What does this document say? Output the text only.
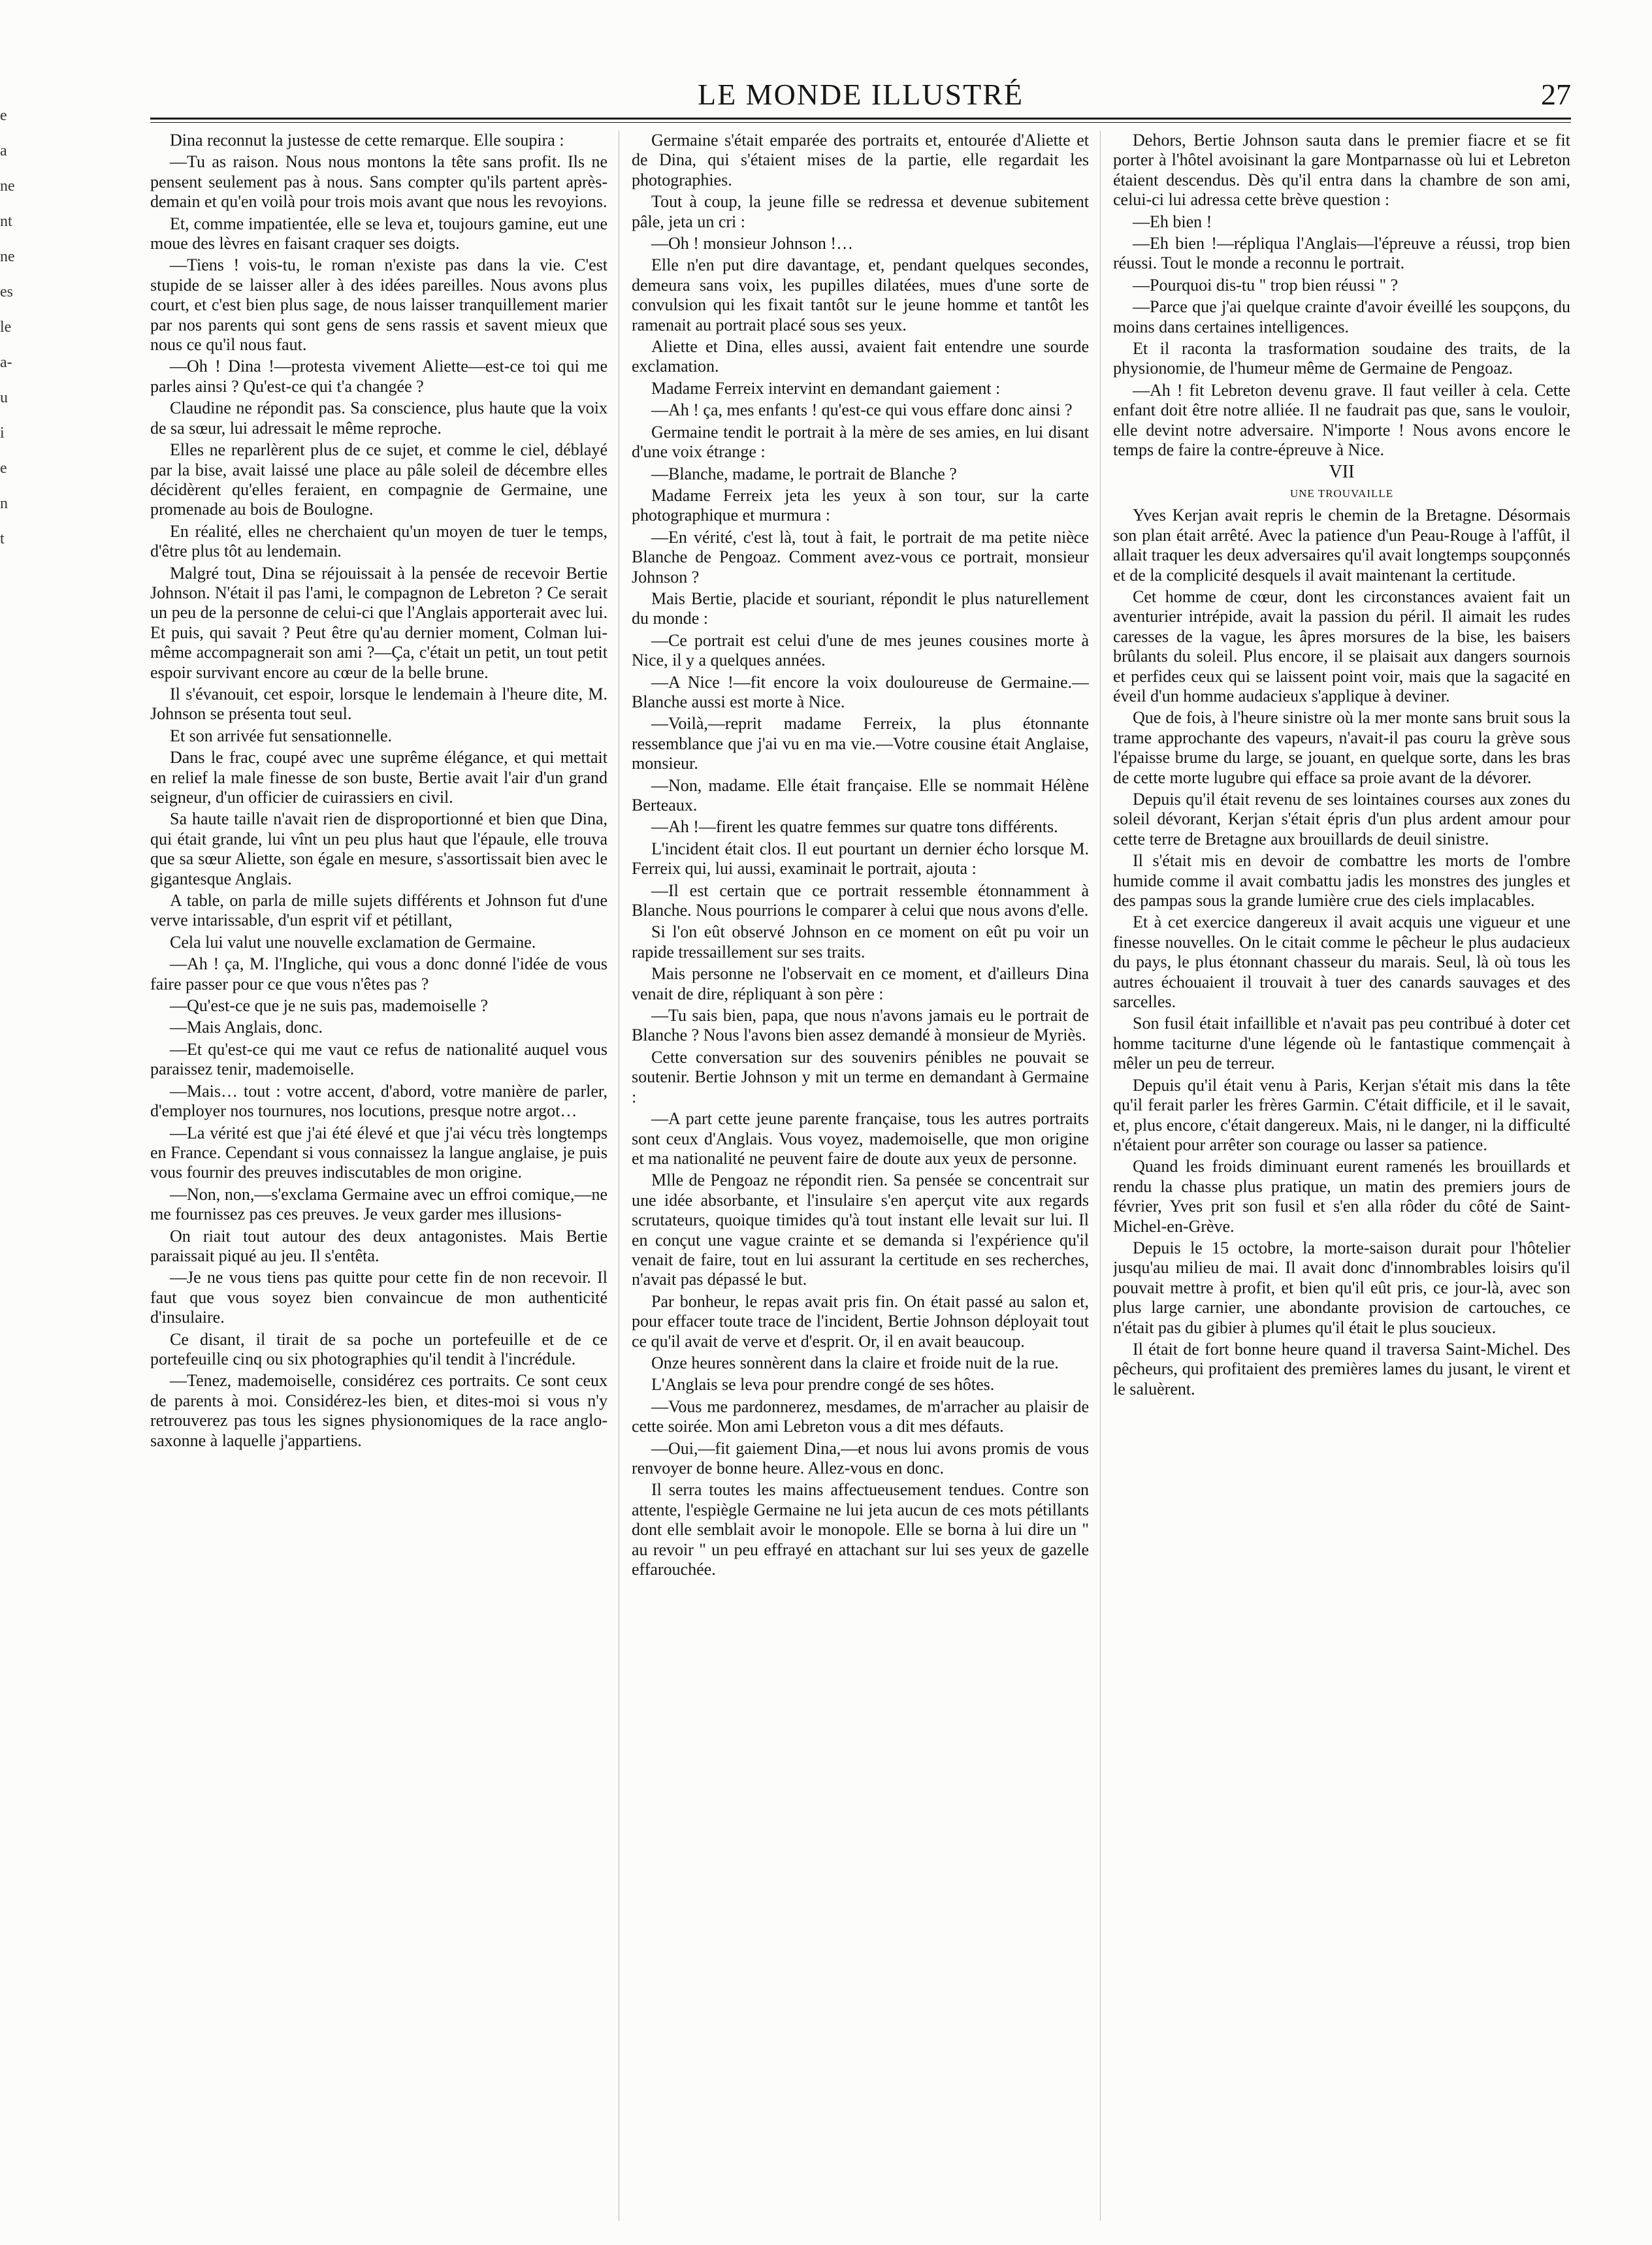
LE MONDE ILLUSTRÉ	27
e
a
ne
nt
ne
es
le
a-
u
i
e
n
t

Dina reconnut la justesse de cette remarque. Elle soupira :

—Tu as raison. Nous nous montons la tête sans profit. Ils ne pensent seulement pas à nous. Sans compter qu'ils partent après-demain et qu'en voilà pour trois mois avant que nous les revoyions.

Et, comme impatientée, elle se leva et, toujours gamine, eut une moue des lèvres en faisant craquer ses doigts.

—Tiens ! vois-tu, le roman n'existe pas dans la vie. C'est stupide de se laisser aller à des idées pareilles. Nous avons plus court, et c'est bien plus sage, de nous laisser tranquillement marier par nos parents qui sont gens de sens rassis et savent mieux que nous ce qu'il nous faut.

—Oh ! Dina !—protesta vivement Aliette—est-ce toi qui me parles ainsi ? Qu'est-ce qui t'a changée ?

Claudine ne répondit pas. Sa conscience, plus haute que la voix de sa sœur, lui adressait le même reproche.

Elles ne reparlèrent plus de ce sujet, et comme le ciel, déblayé par la bise, avait laissé une place au pâle soleil de décembre elles décidèrent qu'elles feraient, en compagnie de Germaine, une promenade au bois de Boulogne.

En réalité, elles ne cherchaient qu'un moyen de tuer le temps, d'être plus tôt au lendemain.

Malgré tout, Dina se réjouissait à la pensée de recevoir Bertie Johnson. N'était il pas l'ami, le compagnon de Lebreton ? Ce serait un peu de la personne de celui-ci que l'Anglais apporterait avec lui. Et puis, qui savait ? Peut être qu'au dernier moment, Colman lui-même accompagnerait son ami ?—Ça, c'était un petit, un tout petit espoir survivant encore au cœur de la belle brune.

Il s'évanouit, cet espoir, lorsque le lendemain à l'heure dite, M. Johnson se présenta tout seul.

Et son arrivée fut sensationnelle.

Dans le frac, coupé avec une suprême élégance, et qui mettait en relief la male finesse de son buste, Bertie avait l'air d'un grand seigneur, d'un officier de cuirassiers en civil.

Sa haute taille n'avait rien de disproportionné et bien que Dina, qui était grande, lui vînt un peu plus haut que l'épaule, elle trouva que sa sœur Aliette, son égale en mesure, s'assortissait bien avec le gigantesque Anglais.

A table, on parla de mille sujets différents et Johnson fut d'une verve intarissable, d'un esprit vif et pétillant,

Cela lui valut une nouvelle exclamation de Germaine.

—Ah ! ça, M. l'Ingliche, qui vous a donc donné l'idée de vous faire passer pour ce que vous n'êtes pas ?

—Qu'est-ce que je ne suis pas, mademoiselle ?

—Mais Anglais, donc.

—Et qu'est-ce qui me vaut ce refus de nationalité auquel vous paraissez tenir, mademoiselle.

—Mais… tout : votre accent, d'abord, votre manière de parler, d'employer nos tournures, nos locutions, presque notre argot…

—La vérité est que j'ai été élevé et que j'ai vécu très longtemps en France. Cependant si vous connaissez la langue anglaise, je puis vous fournir des preuves indiscutables de mon origine.

—Non, non,—s'exclama Germaine avec un effroi comique,—ne me fournissez pas ces preuves. Je veux garder mes illusions-

On riait tout autour des deux antagonistes. Mais Bertie paraissait piqué au jeu. Il s'entêta.

—Je ne vous tiens pas quitte pour cette fin de non recevoir. Il faut que vous soyez bien convaincue de mon authenticité d'insulaire.

Ce disant, il tirait de sa poche un portefeuille et de ce portefeuille cinq ou six photographies qu'il tendit à l'incrédule.

—Tenez, mademoiselle, considérez ces portraits. Ce sont ceux de parents à moi. Considérez-les bien, et dites-moi si vous n'y retrouverez pas tous les signes physionomiques de la race anglo-saxonne à laquelle j'appartiens.

Germaine s'était emparée des portraits et, entourée d'Aliette et de Dina, qui s'étaient mises de la partie, elle regardait les photographies.

Tout à coup, la jeune fille se redressa et devenue subitement pâle, jeta un cri :

—Oh ! monsieur Johnson !…

Elle n'en put dire davantage, et, pendant quelques secondes, demeura sans voix, les pupilles dilatées, mues d'une sorte de convulsion qui les fixait tantôt sur le jeune homme et tantôt les ramenait au portrait placé sous ses yeux.

Aliette et Dina, elles aussi, avaient fait entendre une sourde exclamation.

Madame Ferreix intervint en demandant gaiement :

—Ah ! ça, mes enfants ! qu'est-ce qui vous effare donc ainsi ?

Germaine tendit le portrait à la mère de ses amies, en lui disant d'une voix étrange :

—Blanche, madame, le portrait de Blanche ?

Madame Ferreix jeta les yeux à son tour, sur la carte photographique et murmura :

—En vérité, c'est là, tout à fait, le portrait de ma petite nièce Blanche de Pengoaz. Comment avez-vous ce portrait, monsieur Johnson ?

Mais Bertie, placide et souriant, répondit le plus naturellement du monde :

—Ce portrait est celui d'une de mes jeunes cousines morte à Nice, il y a quelques années.

—A Nice !—fit encore la voix douloureuse de Germaine.—Blanche aussi est morte à Nice.

—Voilà,—reprit madame Ferreix, la plus étonnante ressemblance que j'ai vu en ma vie.—Votre cousine était Anglaise, monsieur.

—Non, madame. Elle était française. Elle se nommait Hélène Berteaux.

—Ah !—firent les quatre femmes sur quatre tons différents.

L'incident était clos. Il eut pourtant un dernier écho lorsque M. Ferreix qui, lui aussi, examinait le portrait, ajouta :

—Il est certain que ce portrait ressemble étonnamment à Blanche. Nous pourrions le comparer à celui que nous avons d'elle.

Si l'on eût observé Johnson en ce moment on eût pu voir un rapide tressaillement sur ses traits.

Mais personne ne l'observait en ce moment, et d'ailleurs Dina venait de dire, répliquant à son père :

—Tu sais bien, papa, que nous n'avons jamais eu le portrait de Blanche ? Nous l'avons bien assez demandé à monsieur de Myriès.

Cette conversation sur des souvenirs pénibles ne pouvait se soutenir. Bertie Johnson y mit un terme en demandant à Germaine :

—A part cette jeune parente française, tous les autres portraits sont ceux d'Anglais. Vous voyez, mademoiselle, que mon origine et ma nationalité ne peuvent faire de doute aux yeux de personne.

Mlle de Pengoaz ne répondit rien. Sa pensée se concentrait sur une idée absorbante, et l'insulaire s'en aperçut vite aux regards scrutateurs, quoique timides qu'à tout instant elle levait sur lui. Il en conçut une vague crainte et se demanda si l'expérience qu'il venait de faire, tout en lui assurant la certitude en ses recherches, n'avait pas dépassé le but.

Par bonheur, le repas avait pris fin. On était passé au salon et, pour effacer toute trace de l'incident, Bertie Johnson déployait tout ce qu'il avait de verve et d'esprit. Or, il en avait beaucoup.

Onze heures sonnèrent dans la claire et froide nuit de la rue.

L'Anglais se leva pour prendre congé de ses hôtes.

—Vous me pardonnerez, mesdames, de m'arracher au plaisir de cette soirée. Mon ami Lebreton vous a dit mes défauts.

—Oui,—fit gaiement Dina,—et nous lui avons promis de vous renvoyer de bonne heure. Allez-vous en donc.

Il serra toutes les mains affectueusement tendues. Contre son attente, l'espiègle Germaine ne lui jeta aucun de ces mots pétillants dont elle semblait avoir le monopole. Elle se borna à lui dire un " au revoir " un peu effrayé en attachant sur lui ses yeux de gazelle effarouchée.

Dehors, Bertie Johnson sauta dans le premier fiacre et se fit porter à l'hôtel avoisinant la gare Montparnasse où lui et Lebreton étaient descendus. Dès qu'il entra dans la chambre de son ami, celui-ci lui adressa cette brève question :

—Eh bien !

—Eh bien !—répliqua l'Anglais—l'épreuve a réussi, trop bien réussi. Tout le monde a reconnu le portrait.

—Pourquoi dis-tu " trop bien réussi " ?

—Parce que j'ai quelque crainte d'avoir éveillé les soupçons, du moins dans certaines intelligences.

Et il raconta la trasformation soudaine des traits, de la physionomie, de l'humeur même de Germaine de Pengoaz.

—Ah ! fit Lebreton devenu grave. Il faut veiller à cela. Cette enfant doit être notre alliée. Il ne faudrait pas que, sans le vouloir, elle devint notre adversaire. N'importe ! Nous avons encore le temps de faire la contre-épreuve à Nice.

VII

UNE TROUVAILLE

Yves Kerjan avait repris le chemin de la Bretagne. Désormais son plan était arrêté. Avec la patience d'un Peau-Rouge à l'affût, il allait traquer les deux adversaires qu'il avait longtemps soupçonnés et de la complicité desquels il avait maintenant la certitude.

Cet homme de cœur, dont les circonstances avaient fait un aventurier intrépide, avait la passion du péril. Il aimait les rudes caresses de la vague, les âpres morsures de la bise, les baisers brûlants du soleil. Plus encore, il se plaisait aux dangers sournois et perfides ceux qui se laissent point voir, mais que la sagacité en éveil d'un homme audacieux s'applique à deviner.

Que de fois, à l'heure sinistre où la mer monte sans bruit sous la trame approchante des vapeurs, n'avait-il pas couru la grève sous l'épaisse brume du large, se jouant, en quelque sorte, dans les bras de cette morte lugubre qui efface sa proie avant de la dévorer.

Depuis qu'il était revenu de ses lointaines courses aux zones du soleil dévorant, Kerjan s'était épris d'un plus ardent amour pour cette terre de Bretagne aux brouillards de deuil sinistre.

Il s'était mis en devoir de combattre les morts de l'ombre humide comme il avait combattu jadis les monstres des jungles et des pampas sous la grande lumière crue des ciels implacables.

Et à cet exercice dangereux il avait acquis une vigueur et une finesse nouvelles. On le citait comme le pêcheur le plus audacieux du pays, le plus étonnant chasseur du marais. Seul, là où tous les autres échouaient il trouvait à tuer des canards sauvages et des sarcelles.

Son fusil était infaillible et n'avait pas peu contribué à doter cet homme taciturne d'une légende où le fantastique commençait à mêler un peu de terreur.

Depuis qu'il était venu à Paris, Kerjan s'était mis dans la tête qu'il ferait parler les frères Garmin. C'était difficile, et il le savait, et, plus encore, c'était dangereux. Mais, ni le danger, ni la difficulté n'étaient pour arrêter son courage ou lasser sa patience.

Quand les froids diminuant eurent ramenés les brouillards et rendu la chasse plus pratique, un matin des premiers jours de février, Yves prit son fusil et s'en alla rôder du côté de Saint-Michel-en-Grève.

Depuis le 15 octobre, la morte-saison durait pour l'hôtelier jusqu'au milieu de mai. Il avait donc d'innombrables loisirs qu'il pouvait mettre à profit, et bien qu'il eût pris, ce jour-là, avec son plus large carnier, une abondante provision de cartouches, ce n'était pas du gibier à plumes qu'il était le plus soucieux.

Il était de fort bonne heure quand il traversa Saint-Michel. Des pêcheurs, qui profitaient des premières lames du jusant, le virent et le saluèrent.
